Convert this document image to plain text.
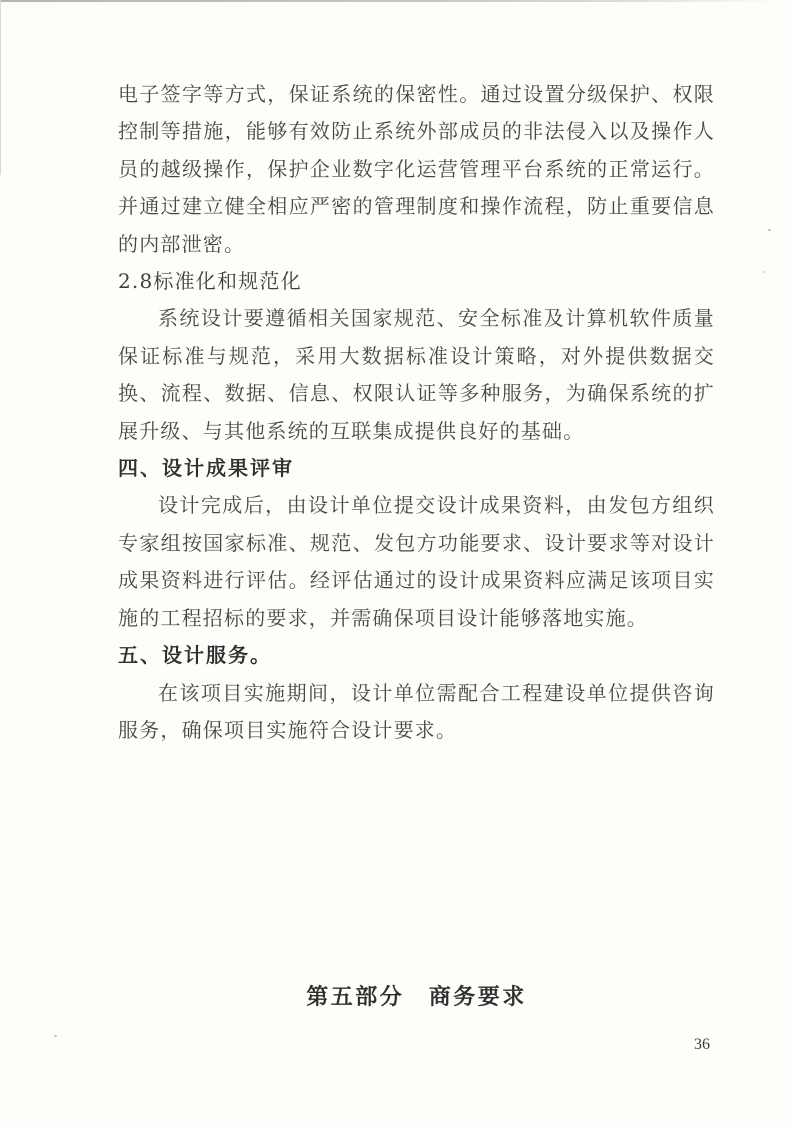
电子签字等方式，保证系统的保密性。通过设置分级保护、权限控制等措施，能够有效防止系统外部成员的非法侵入以及操作人员的越级操作，保护企业数字化运营管理平台系统的正常运行。并通过建立健全相应严密的管理制度和操作流程，防止重要信息的内部泄密。

2.8标准化和规范化

系统设计要遵循相关国家规范、安全标准及计算机软件质量保证标准与规范，采用大数据标准设计策略，对外提供数据交换、流程、数据、信息、权限认证等多种服务，为确保系统的扩展升级、与其他系统的互联集成提供良好的基础。

四、设计成果评审

设计完成后，由设计单位提交设计成果资料，由发包方组织专家组按国家标准、规范、发包方功能要求、设计要求等对设计成果资料进行评估。经评估通过的设计成果资料应满足该项目实施的工程招标的要求，并需确保项目设计能够落地实施。

五、设计服务。

在该项目实施期间，设计单位需配合工程建设单位提供咨询服务，确保项目实施符合设计要求。

第五部分　商务要求
36
